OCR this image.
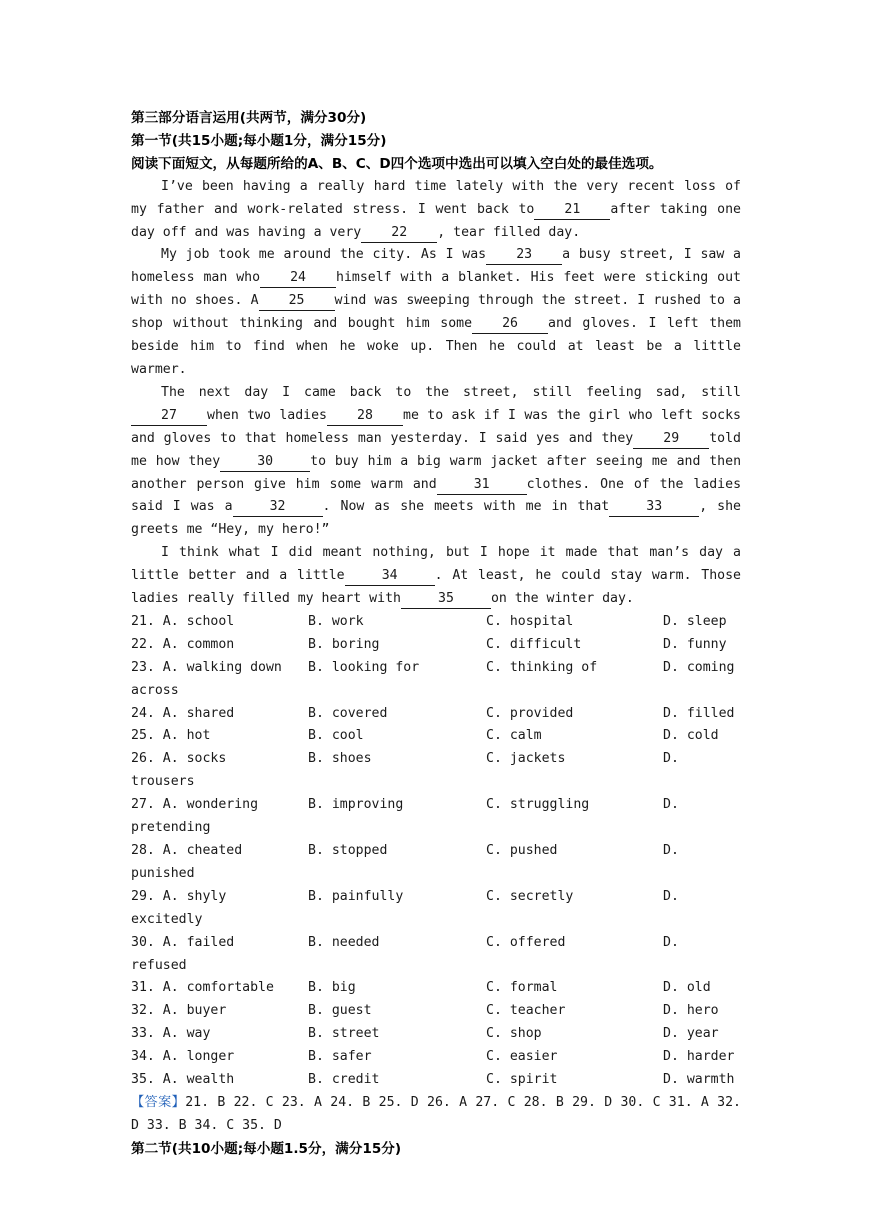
第三部分语言运用(共两节，满分30分)
第一节(共15小题;每小题1分，满分15分)
阅读下面短文，从每题所给的A、B、C、D四个选项中选出可以填入空白处的最佳选项。
I’ve been having a really hard time lately with the very recent loss of my father and work-related stress. I went back to 21 after taking one day off and was having a very 22 , tear filled day.
My job took me around the city. As I was 23 a busy street, I saw a homeless man who 24 himself with a blanket. His feet were sticking out with no shoes. A 25 wind was sweeping through the street. I rushed to a shop without thinking and bought him some 26 and gloves. I left them beside him to find when he woke up. Then he could at least be a little warmer.
The next day I came back to the street, still feeling sad, still27 when two ladies 28 me to ask if I was the girl who left socks and gloves to that homeless man yesterday. I said yes and they 29 told me how they	30	to buy him a big warm jacket after seeing me and then another person give him some warm and	31	clothes. One of the ladies said I was a	32	. Now as she meets with me in that	33	, she greets me “Hey, my hero!”
I think what I did meant nothing, but I hope it made that man’s day a little better and a little	34	. At least, he could stay warm. Those ladies really filled my heart with	35	on the winter day.
21. A. school	B. work	C. hospital	D. sleep
22. A. common	B. boring	C. difficult	D. funny
23. A. walking down	B. looking for	C. thinking of	D. coming
across			
24. A. shared	B. covered	C. provided	D. filled
25. A. hot	B. cool	C. calm	D. cold
26. A. socks	B. shoes	C. jackets	D.
trousers			
27. A. wondering	B. improving	C. struggling	D.
pretending			
28. A. cheated	B. stopped	C. pushed	D.
punished			
29. A. shyly	B. painfully	C. secretly	D.
excitedly			
30. A. failed	B. needed	C. offered	D.
refused			
31. A. comfortable	B. big	C. formal	D. old
32. A. buyer	B. guest	C. teacher	D. hero
33. A. way	B. street	C. shop	D. year
34. A. longer	B. safer	C. easier	D. harder
35. A. wealth	B. credit	C. spirit	D. warmth
【答案】21. B 22. C 23. A 24. B 25. D 26. A 27. C 28. B 29. D 30. C 31. A 32. D 33. B 34. C 35. D
第二节(共10小题;每小题1.5分，满分15分)
